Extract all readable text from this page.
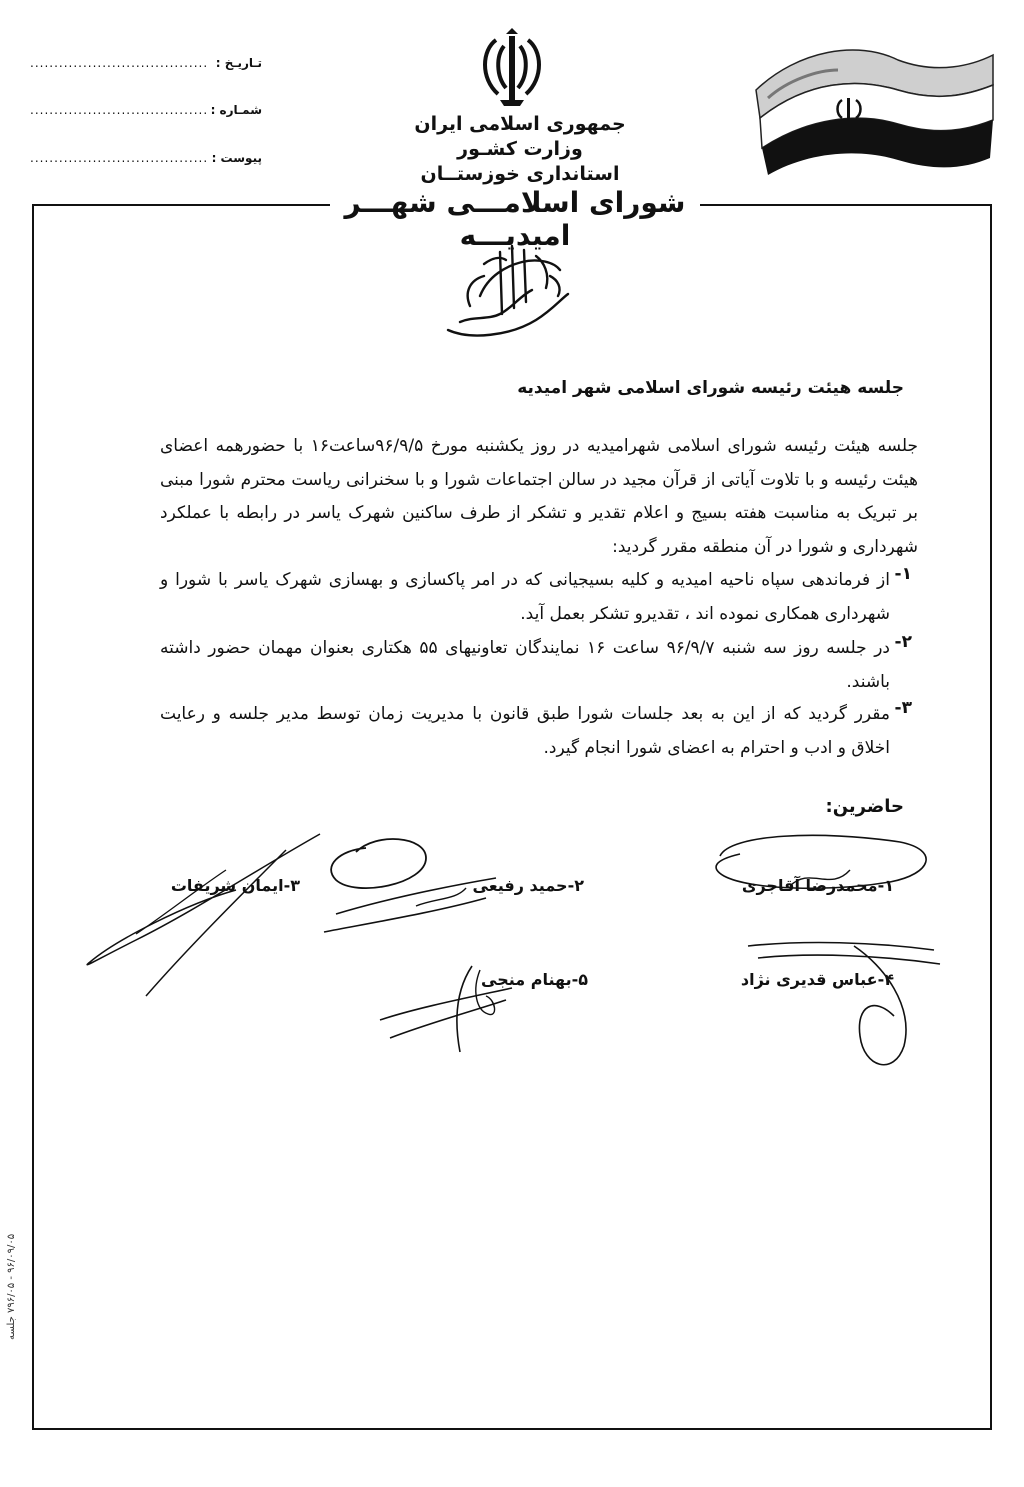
تـاريـخ :
.....................................
شمـاره :
.....................................
پيوست :
.....................................
جمهوری اسلامی ايران
وزارت كشـور
استانداری خوزستــان
شورای اسلامـــی شهـــر اميديـــه
جلسه هيئت رئيسه شورای اسلامی شهر اميديه
جلسه هيئت رئيسه شورای اسلامی شهراميديه در روز يكشنبه مورخ ۹۶/۹/۵ساعت۱۶ با حضورهمه اعضای هيئت رئيسه و با تلاوت آياتی از قرآن مجيد در سالن اجتماعات شورا و با سخنرانی رياست محترم شورا مبنی بر تبريک به مناسبت هفته بسيج و اعلام تقدير و تشكر از طرف ساكنين شهرک ياسر در رابطه با عملكرد شهرداری و شورا در آن منطقه مقرر گرديد:
۱-
از فرماندهی سپاه ناحيه اميديه و كليه بسيجيانی كه در امر پاكسازی و بهسازی شهرک ياسر با شورا و شهرداری همكاری نموده اند ، تقديرو تشكر بعمل آيد.
۲-
در جلسه روز سه شنبه ۹۶/۹/۷ ساعت ۱۶ نمايندگان تعاونيهای ۵۵ هكتاری بعنوان مهمان حضور داشته باشند.
۳-
مقرر گرديد كه از اين به بعد جلسات شورا طبق قانون با مديريت زمان توسط مدير جلسه و رعايت اخلاق و ادب و احترام به اعضای شورا انجام گيرد.
حاضرين:
۱-محمدرضا آقاجری
۲-حميد رفيعی
۳-ايمان شريفات
۴-عباس قديری نژاد
۵-بهنام منجی
۹۶/۰۹/۰۵ - ۷۹۶/۰۵ جلسه
